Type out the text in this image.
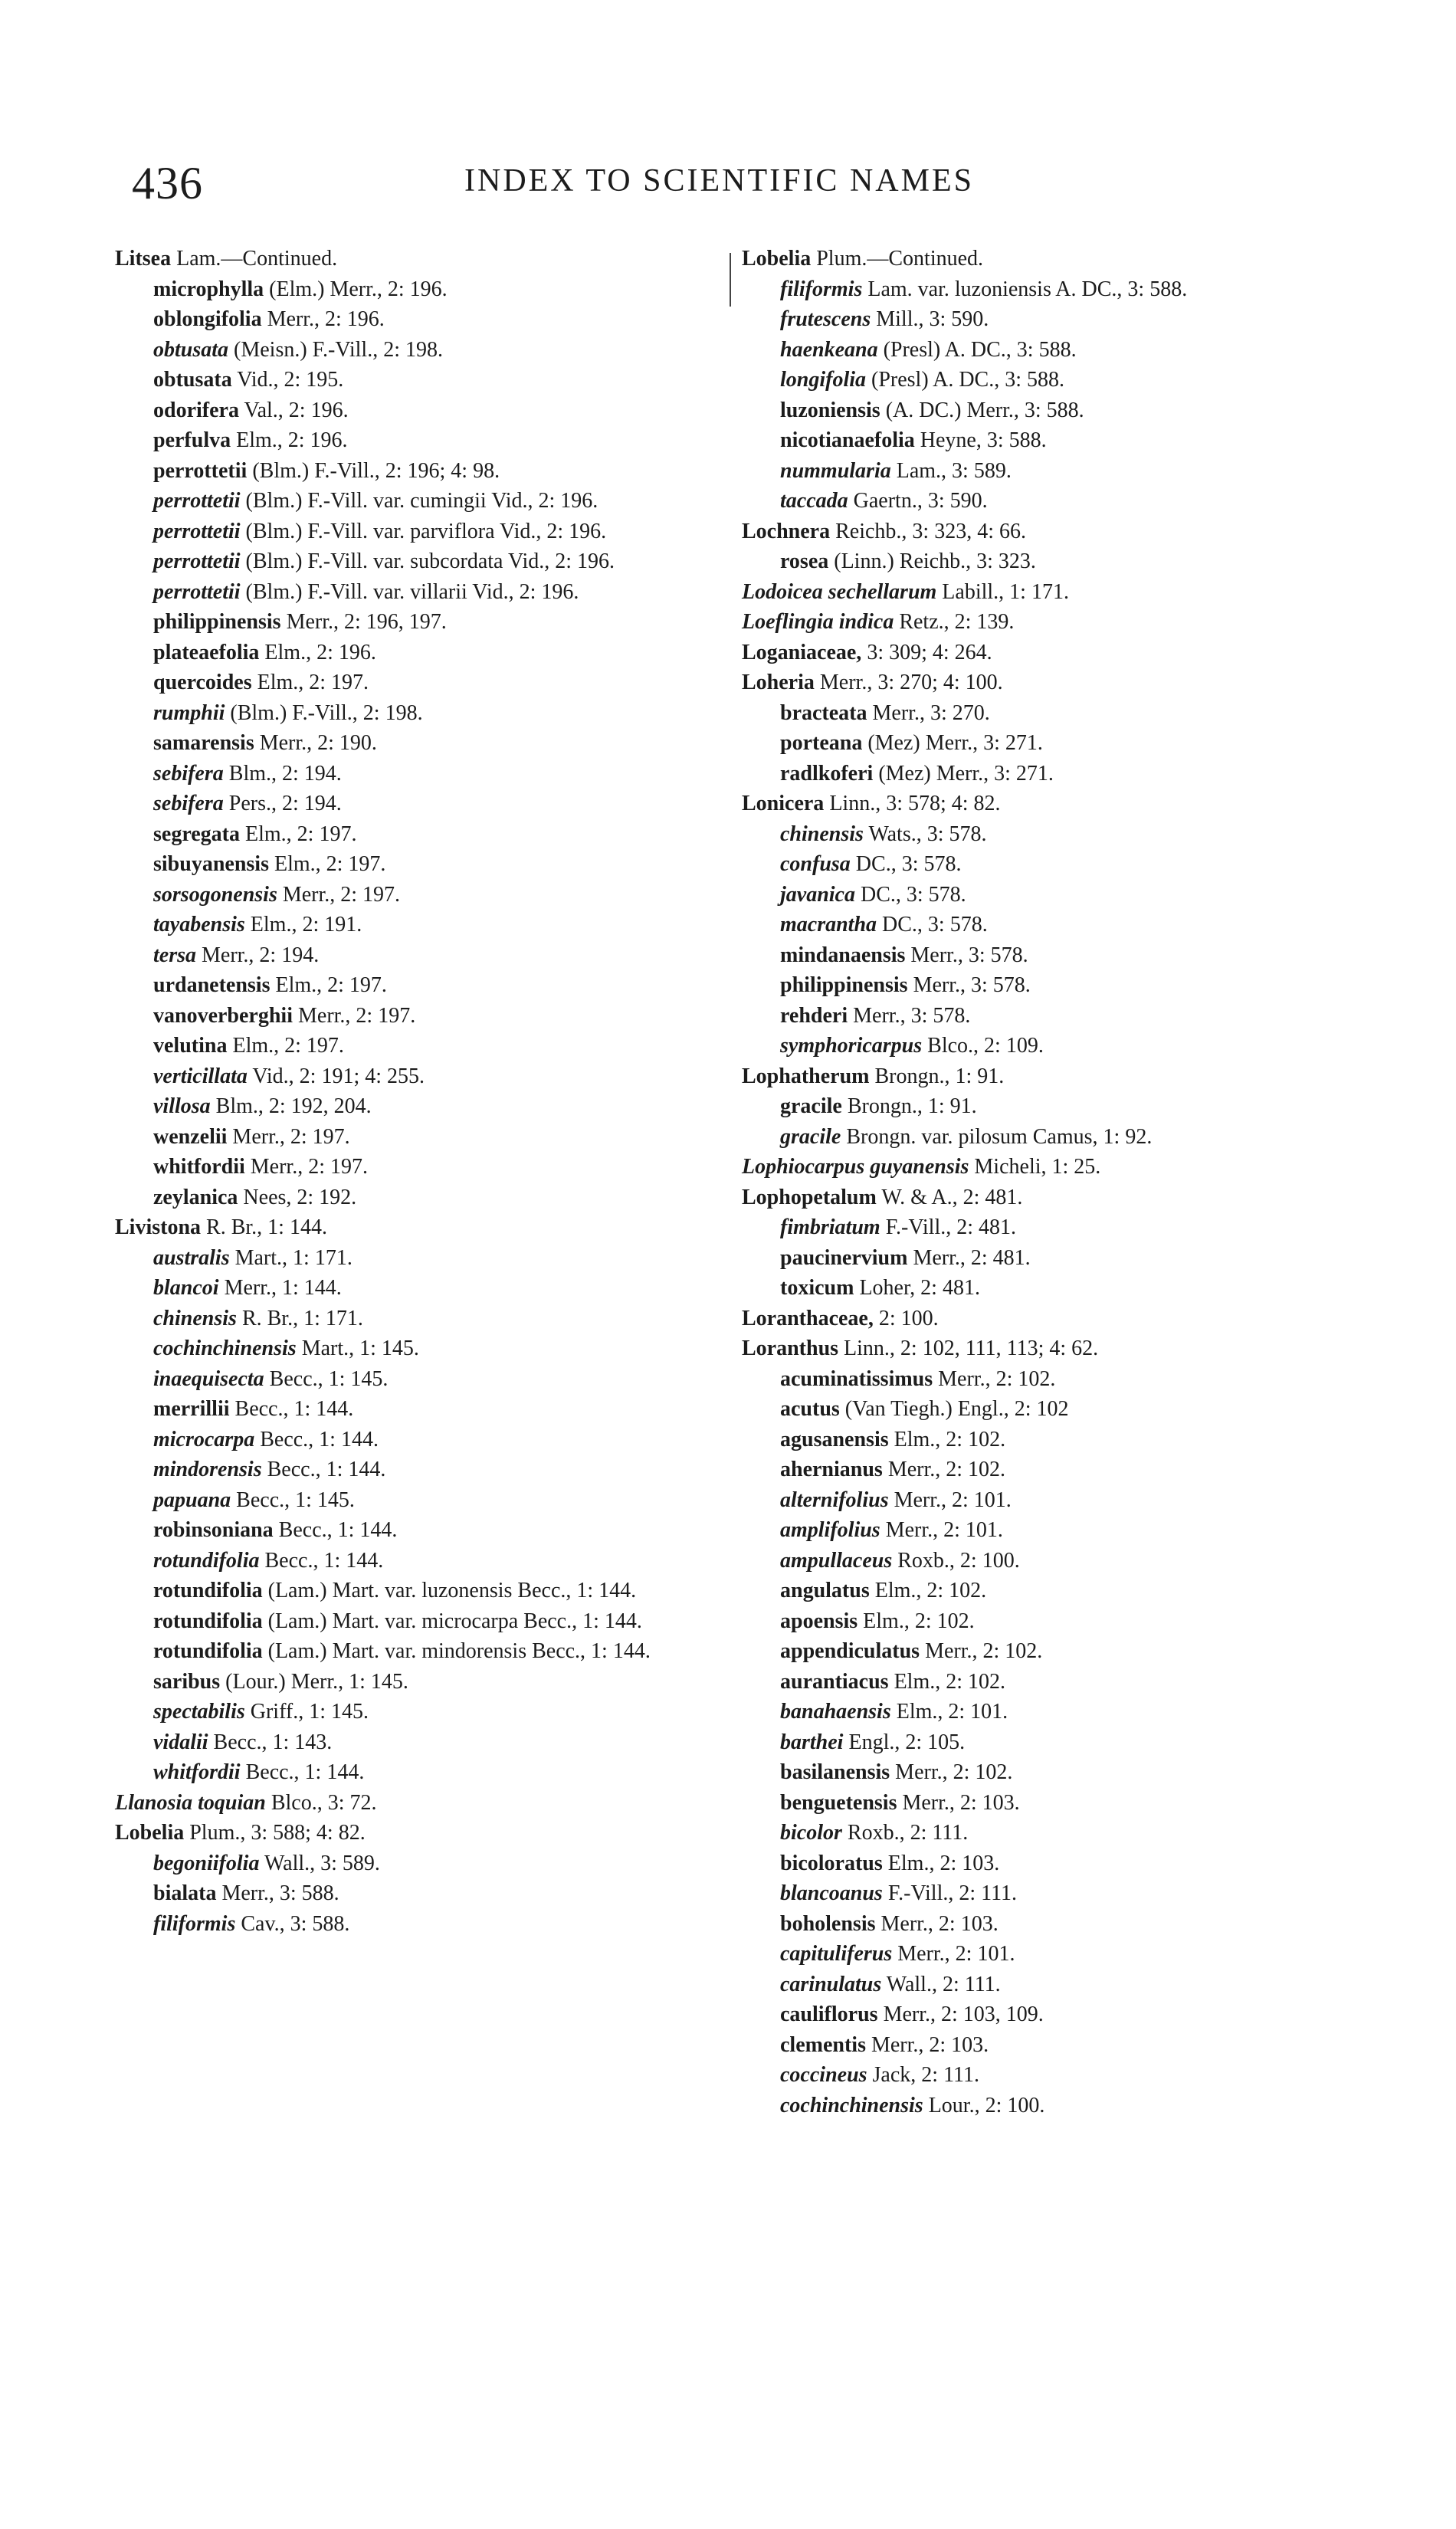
436	INDEX TO SCIENTIFIC NAMES

Litsea Lam.—Continued.

microphylla (Elm.) Merr., 2: 196.

oblongifolia Merr., 2: 196.

obtusata (Meisn.) F.-Vill., 2: 198.

obtusata Vid., 2: 195.

odorifera Val., 2: 196.

perfulva Elm., 2: 196.

perrottetii (Blm.) F.-Vill., 2: 196; 4: 98.

perrottetii (Blm.) F.-Vill. var. cumingii Vid., 2: 196.

perrottetii (Blm.) F.-Vill. var. parviflora Vid., 2: 196.

perrottetii (Blm.) F.-Vill. var. subcordata Vid., 2: 196.

perrottetii (Blm.) F.-Vill. var. villarii Vid., 2: 196.

philippinensis Merr., 2: 196, 197.

plateaefolia Elm., 2: 196.

quercoides Elm., 2: 197.

rumphii (Blm.) F.-Vill., 2: 198.

samarensis Merr., 2: 190.

sebifera Blm., 2: 194.

sebifera Pers., 2: 194.

segregata Elm., 2: 197.

sibuyanensis Elm., 2: 197.

sorsogonensis Merr., 2: 197.

tayabensis Elm., 2: 191.

tersa Merr., 2: 194.

urdanetensis Elm., 2: 197.

vanoverberghii Merr., 2: 197.

velutina Elm., 2: 197.

verticillata Vid., 2: 191; 4: 255.

villosa Blm., 2: 192, 204.

wenzelii Merr., 2: 197.

whitfordii Merr., 2: 197.

zeylanica Nees, 2: 192.

Livistona R. Br., 1: 144.

australis Mart., 1: 171.

blancoi Merr., 1: 144.

chinensis R. Br., 1: 171.

cochinchinensis Mart., 1: 145.

inaequisecta Becc., 1: 145.

merrillii Becc., 1: 144.

microcarpa Becc., 1: 144.

mindorensis Becc., 1: 144.

papuana Becc., 1: 145.

robinsoniana Becc., 1: 144.

rotundifolia Becc., 1: 144.

rotundifolia (Lam.) Mart. var. luzonensis Becc., 1: 144.

rotundifolia (Lam.) Mart. var. microcarpa Becc., 1: 144.

rotundifolia (Lam.) Mart. var. mindorensis Becc., 1: 144.

saribus (Lour.) Merr., 1: 145.

spectabilis Griff., 1: 145.

vidalii Becc., 1: 143.

whitfordii Becc., 1: 144.

Llanosia toquian Blco., 3: 72.

Lobelia Plum., 3: 588; 4: 82.

begoniifolia Wall., 3: 589.

bialata Merr., 3: 588.

filiformis Cav., 3: 588.

Lobelia Plum.—Continued.

filiformis Lam. var. luzoniensis A. DC., 3: 588.

frutescens Mill., 3: 590.

haenkeana (Presl) A. DC., 3: 588.

longifolia (Presl) A. DC., 3: 588.

luzoniensis (A. DC.) Merr., 3: 588.

nicotianaefolia Heyne, 3: 588.

nummularia Lam., 3: 589.

taccada Gaertn., 3: 590.

Lochnera Reichb., 3: 323, 4: 66.

rosea (Linn.) Reichb., 3: 323.

Lodoicea sechellarum Labill., 1: 171.

Loeflingia indica Retz., 2: 139.

Loganiaceae, 3: 309; 4: 264.

Loheria Merr., 3: 270; 4: 100.

bracteata Merr., 3: 270.

porteana (Mez) Merr., 3: 271.

radlkoferi (Mez) Merr., 3: 271.

Lonicera Linn., 3: 578; 4: 82.

chinensis Wats., 3: 578.

confusa DC., 3: 578.

javanica DC., 3: 578.

macrantha DC., 3: 578.

mindanaensis Merr., 3: 578.

philippinensis Merr., 3: 578.

rehderi Merr., 3: 578.

symphoricarpus Blco., 2: 109.

Lophatherum Brongn., 1: 91.

gracile Brongn., 1: 91.

gracile Brongn. var. pilosum Camus, 1: 92.

Lophiocarpus guyanensis Micheli, 1: 25.

Lophopetalum W. & A., 2: 481.

fimbriatum F.-Vill., 2: 481.

paucinervium Merr., 2: 481.

toxicum Loher, 2: 481.

Loranthaceae, 2: 100.

Loranthus Linn., 2: 102, 111, 113; 4: 62.

acuminatissimus Merr., 2: 102.

acutus (Van Tiegh.) Engl., 2: 102

agusanensis Elm., 2: 102.

ahernianus Merr., 2: 102.

alternifolius Merr., 2: 101.

amplifolius Merr., 2: 101.

ampullaceus Roxb., 2: 100.

angulatus Elm., 2: 102.

apoensis Elm., 2: 102.

appendiculatus Merr., 2: 102.

aurantiacus Elm., 2: 102.

banahaensis Elm., 2: 101.

barthei Engl., 2: 105.

basilanensis Merr., 2: 102.

benguetensis Merr., 2: 103.

bicolor Roxb., 2: 111.

bicoloratus Elm., 2: 103.

blancoanus F.-Vill., 2: 111.

boholensis Merr., 2: 103.

capituliferus Merr., 2: 101.

carinulatus Wall., 2: 111.

cauliflorus Merr., 2: 103, 109.

clementis Merr., 2: 103.

coccineus Jack, 2: 111.

cochinchinensis Lour., 2: 100.
